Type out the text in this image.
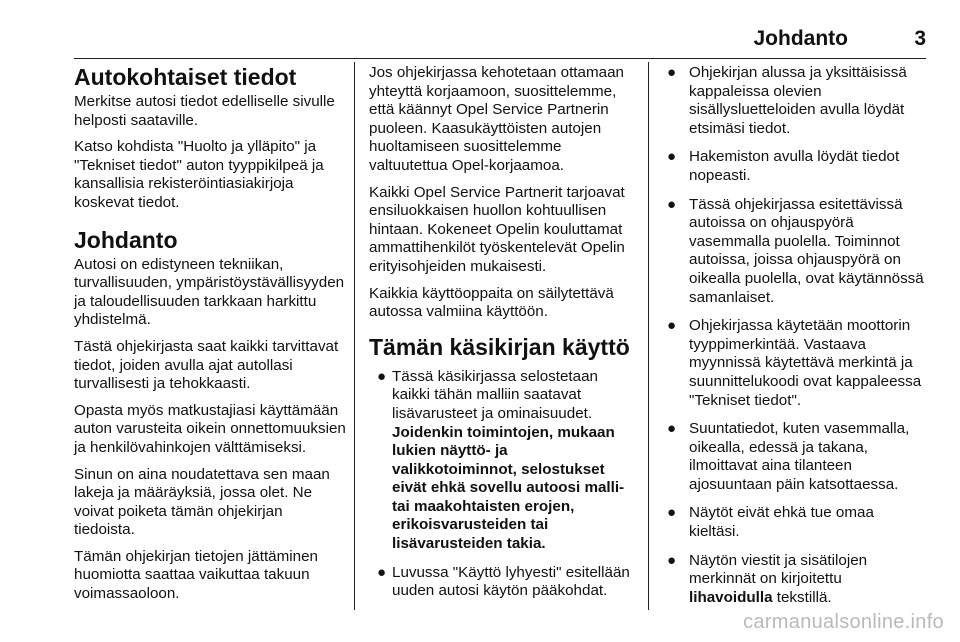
Johdanto	3
Autokohtaiset tiedot

Merkitse autosi tiedot edelliselle sivulle helposti saataville.

Katso kohdista "Huolto ja ylläpito" ja "Tekniset tiedot" auton tyyppikilpeä ja kansallisia rekisteröintiasiakirjoja koskevat tiedot.

Johdanto

Autosi on edistyneen tekniikan, turvallisuuden, ympäristöystävällisyyden ja taloudellisuuden tarkkaan harkittu yhdistelmä.

Tästä ohjekirjasta saat kaikki tarvittavat tiedot, joiden avulla ajat autollasi turvallisesti ja tehokkaasti.

Opasta myös matkustajiasi käyttämään auton varusteita oikein onnettomuuksien ja henkilövahinkojen välttämiseksi.

Sinun on aina noudatettava sen maan lakeja ja määräyksiä, jossa olet. Ne voivat poiketa tämän ohjekirjan tiedoista.

Tämän ohjekirjan tietojen jättäminen huomiotta saattaa vaikuttaa takuun voimassaoloon.

Jos ohjekirjassa kehotetaan ottamaan yhteyttä korjaamoon, suosittelemme, että käännyt Opel Service Partnerin puoleen. Kaasukäyttöisten autojen huoltamiseen suosittelemme valtuutettua Opel-korjaamoa.

Kaikki Opel Service Partnerit tarjoavat ensiluokkaisen huollon kohtuullisen hintaan. Kokeneet Opelin kouluttamat ammattihenkilöt työskentelevät Opelin erityisohjeiden mukaisesti.

Kaikkia käyttöoppaita on säilytettävä autossa valmiina käyttöön.

Tämän käsikirjan käyttö
● Tässä käsikirjassa selostetaan kaikki tähän malliin saatavat lisävarusteet ja ominaisuudet.
Joidenkin toimintojen, mukaan lukien näyttö- ja valikkotoiminnot, selostukset eivät ehkä sovellu autoosi malli- tai maakohtaisten erojen, erikoisvarusteiden tai lisävarusteiden takia.
● Luvussa "Käyttö lyhyesti" esitellään uuden autosi käytön pääkohdat.
● Ohjekirjan alussa ja yksittäisissä kappaleissa olevien sisällysluetteloiden avulla löydät etsimäsi tiedot.
● Hakemiston avulla löydät tiedot nopeasti.
● Tässä ohjekirjassa esitettävissä autoissa on ohjauspyörä vasemmalla puolella. Toiminnot autoissa, joissa ohjauspyörä on oikealla puolella, ovat käytännössä samanlaiset.
● Ohjekirjassa käytetään moottorin tyyppimerkintää. Vastaava myynnissä käytettävä merkintä ja suunnittelukoodi ovat kappaleessa "Tekniset tiedot".
● Suuntatiedot, kuten vasemmalla, oikealla, edessä ja takana, ilmoittavat aina tilanteen ajosuuntaan päin katsottaessa.
● Näytöt eivät ehkä tue omaa kieltäsi.
● Näytön viestit ja sisätilojen merkinnät on kirjoitettu
lihavoidulla tekstillä.
carmanualsonline.info
